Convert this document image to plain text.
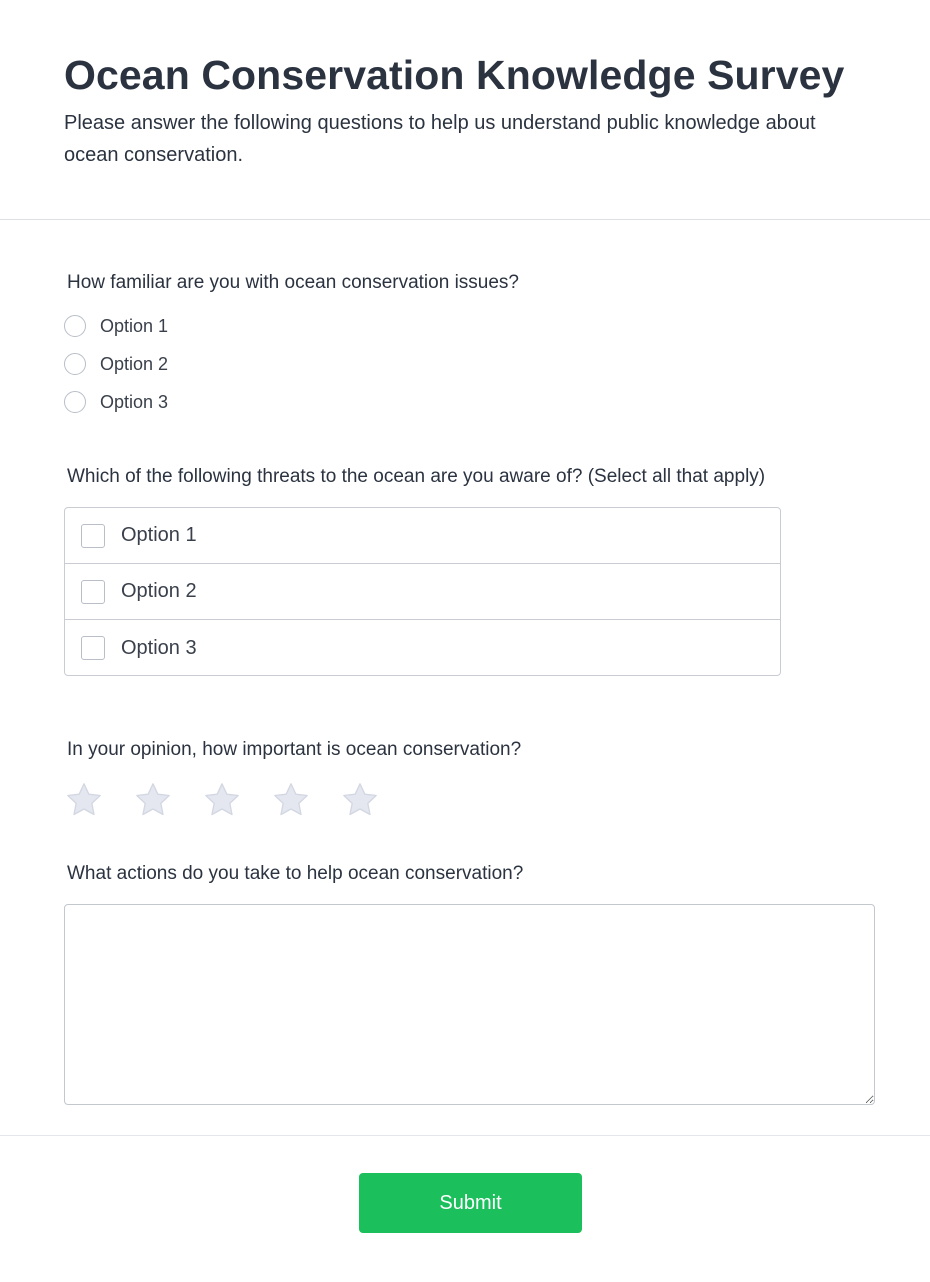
Ocean Conservation Knowledge Survey

Please answer the following questions to help us understand public knowledge about ocean conservation.

How familiar are you with ocean conservation issues?

Option 1
Option 2
Option 3

Which of the following threats to the ocean are you aware of? (Select all that apply)

Option 1
Option 2
Option 3

In your opinion, how important is ocean conservation?

What actions do you take to help ocean conservation?

Submit
